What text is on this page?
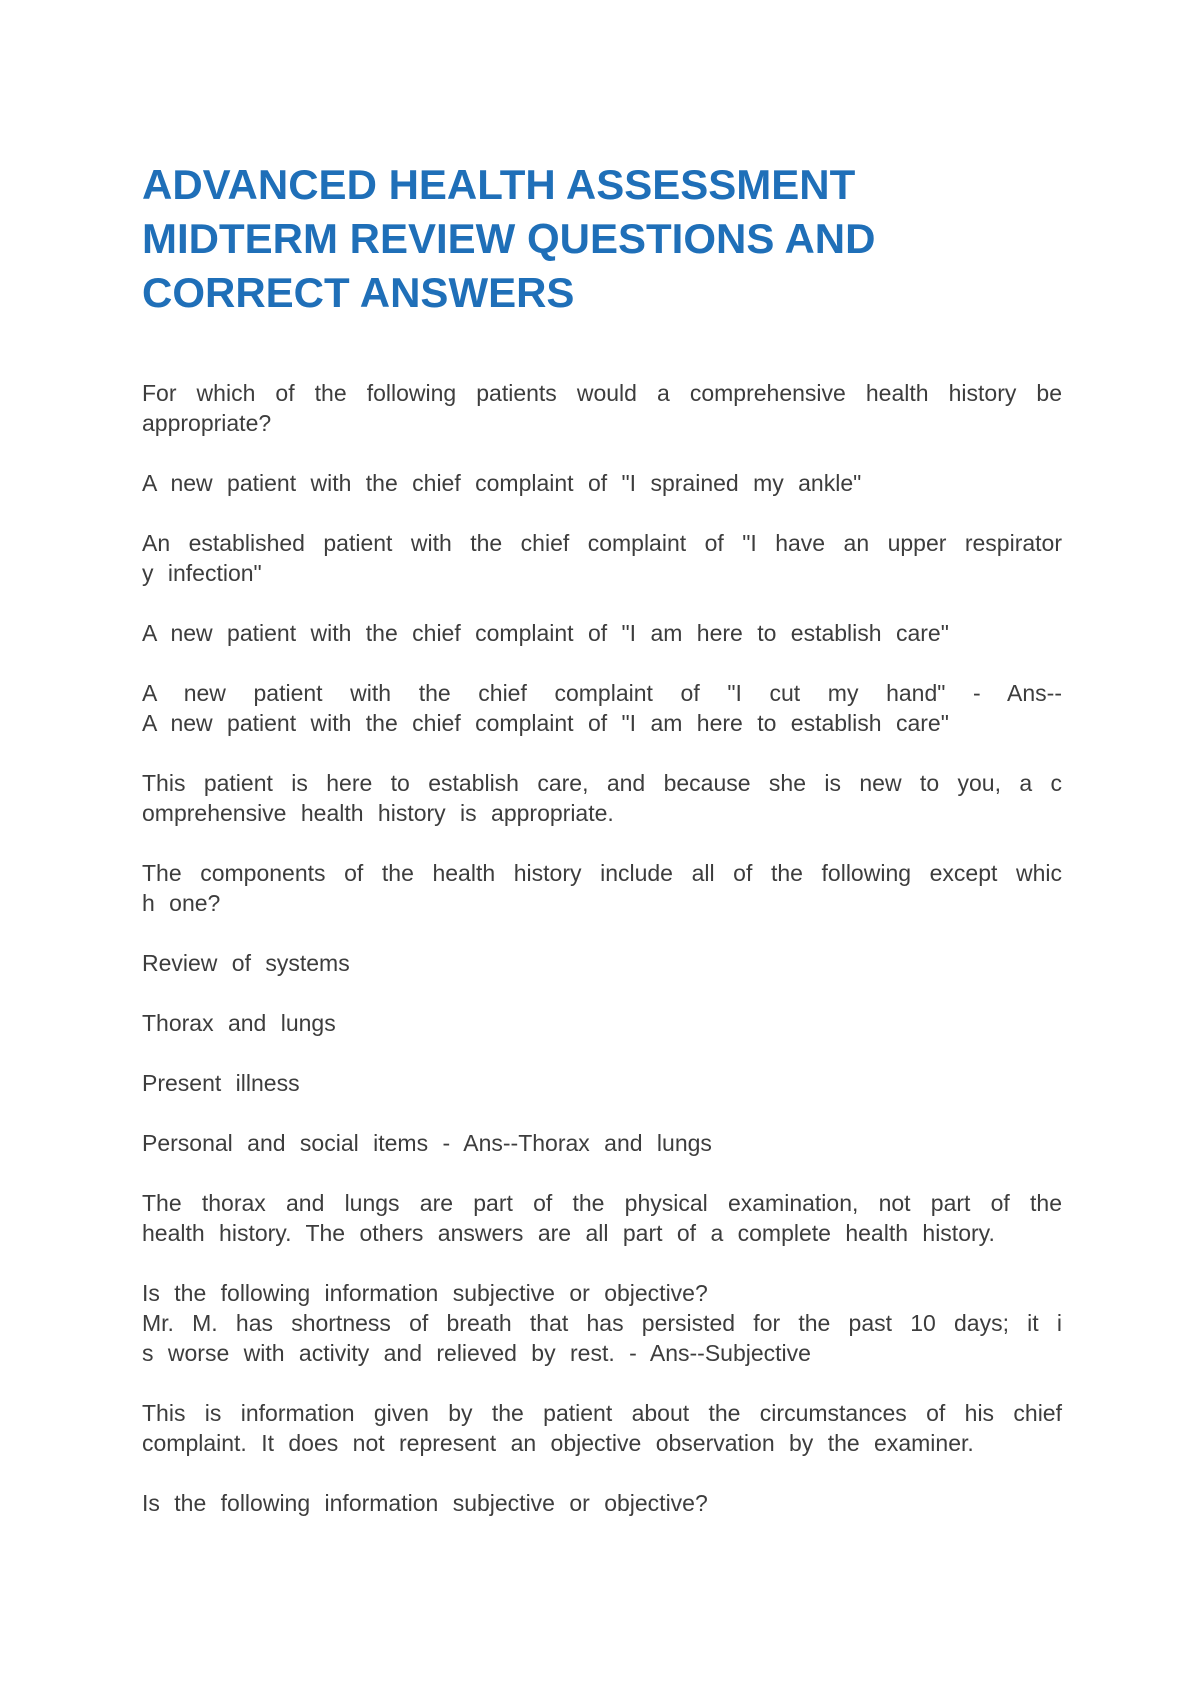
ADVANCED HEALTH ASSESSMENT
MIDTERM REVIEW QUESTIONS AND
CORRECT ANSWERS

For which of the following patients would a comprehensive health history be
appropriate?

A new patient with the chief complaint of "I sprained my ankle"

An established patient with the chief complaint of "I have an upper respirator
y infection"

A new patient with the chief complaint of "I am here to establish care"

A new patient with the chief complaint of "I cut my hand" - Ans--
A new patient with the chief complaint of "I am here to establish care"

This patient is here to establish care, and because she is new to you, a c
omprehensive health history is appropriate.

The components of the health history include all of the following except whic
h one?

Review of systems

Thorax and lungs

Present illness

Personal and social items - Ans--Thorax and lungs

The thorax and lungs are part of the physical examination, not part of the
health history. The others answers are all part of a complete health history.

Is the following information subjective or objective?
Mr. M. has shortness of breath that has persisted for the past 10 days; it i
s worse with activity and relieved by rest. - Ans--Subjective

This is information given by the patient about the circumstances of his chief
complaint. It does not represent an objective observation by the examiner.

Is the following information subjective or objective?
